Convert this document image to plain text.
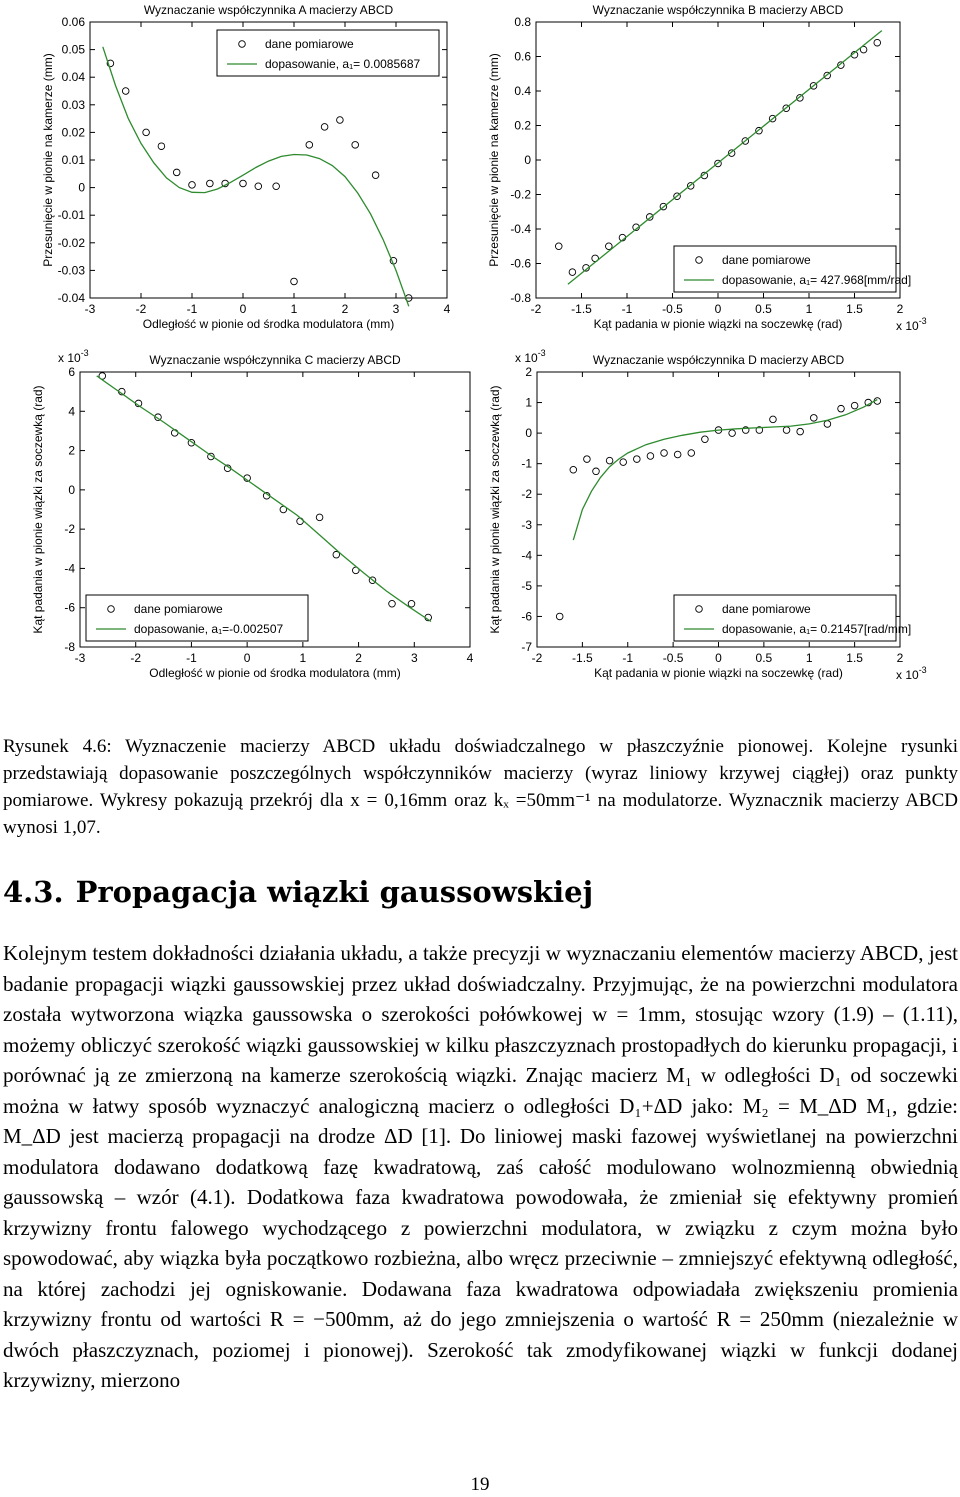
-3	-2	-1	0	1	2	3	4
-0.04
-0.03
-0.02
-0.01
0
0.01
0.02
0.03
0.04
0.05
0.06
Wyznaczanie współczynnika A macierzy ABCD
Odległość w pionie od środka modulatora (mm)
Przesunięcie w pionie na kamerze (mm)
dane pomiarowe
dopasowanie, a₁= 0.0085687
-2 -1.5 -1 -0.5	0	0.5	1	1.5	2
-0.8
-0.6
-0.4
-0.2
0
0.2
0.4
0.6
0.8
Wyznaczanie współczynnika B macierzy ABCD
Kąt padania w pionie wiązki na soczewkę (rad)
Przesunięcie w pionie na kamerze (mm)
x $10^{-3}$
dane pomiarowe
dopasowanie, a₁= 427.968[mm/rad]
-3	-2	-1	0	1	2	3	4
-8
-6
-4
-2
0
2
4
6
Wyznaczanie współczynnika C macierzy ABCD
Odległość w pionie od środka modulatora (mm)
Kąt padania w pionie wiązki za soczewką (rad)
x $10^{-3}$
dane pomiarowe
dopasowanie, a₁=-0.002507
-2 -1.5 -1 -0.5	0	0.5	1	1.5	2
-7
-6
-5
-4
-3
-2
-1
0
1
2
Wyznaczanie współczynnika D macierzy ABCD
Kąt padania w pionie wiązki na soczewkę (rad)
Kąt padania w pionie wiązki za soczewką (rad)
x $10^{-3}$
x $10^{-3}$
dane pomiarowe
dopasowanie, a₁= 0.21457[rad/mm]
Rysunek 4.6: Wyznaczenie macierzy ABCD układu doświadczalnego w płaszczyźnie pionowej. Kolejne rysunki przedstawiają dopasowanie poszczególnych współczynników macierzy (wyraz liniowy krzywej ciągłej) oraz punkty pomiarowe. Wykresy pokazują przekrój dla x = 0,16mm oraz kₓ =50mm⁻¹ na modulatorze. Wyznacznik macierzy ABCD wynosi 1,07.
4.3. Propagacja wiązki gaussowskiej

Kolejnym testem dokładności działania układu, a także precyzji w wyznaczaniu elementów macierzy ABCD, jest badanie propagacji wiązki gaussowskiej przez układ doświadczalny. Przyjmując, że na powierzchni modulatora została wytworzona wiązka gaussowska o szerokości połówkowej w = 1mm, stosując wzory (1.9) – (1.11), możemy obliczyć szerokość wiązki gaussowskiej w kilku płaszczyznach prostopadłych do kierunku propagacji, i porównać ją ze zmierzoną na kamerze szerokością wiązki. Znając macierz M₁ w odległości D₁ od soczewki można w łatwy sposób wyznaczyć analogiczną macierz o odległości D₁+ΔD jako: M₂ = M_ΔD M₁, gdzie: M_ΔD jest macierzą propagacji na drodze ΔD [1]. Do liniowej maski fazowej wyświetlanej na powierzchni modulatora dodawano dodatkową fazę kwadratową, zaś całość modulowano wolnozmienną obwiednią gaussowską – wzór (4.1). Dodatkowa faza kwadratowa powodowała, że zmieniał się efektywny promień krzywizny frontu falowego wychodzącego z powierzchni modulatora, w związku z czym można było spowodować, aby wiązka była początkowo rozbieżna, albo wręcz przeciwnie – zmniejszyć efektywną odległość, na której zachodzi jej ogniskowanie. Dodawana faza kwadratowa odpowiadała zwiększeniu promienia krzywizny frontu od wartości R = −500mm, aż do jego zmniejszenia o wartość R = 250mm (niezależnie w dwóch płaszczyznach, poziomej i pionowej). Szerokość tak zmodyfikowanej wiązki w funkcji dodanej krzywizny, mierzono

19
